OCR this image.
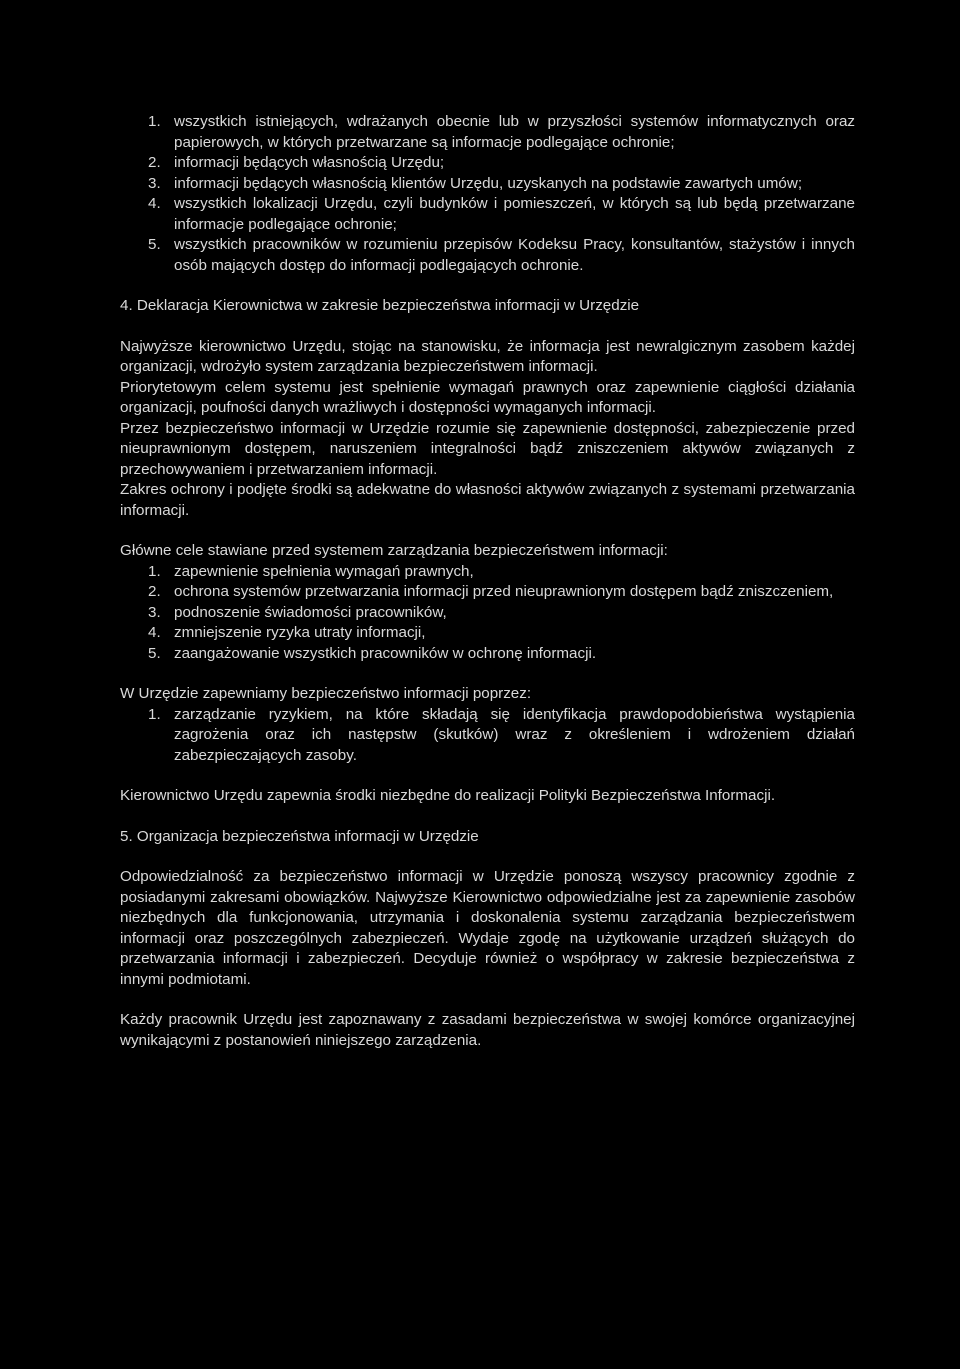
1. wszystkich istniejących, wdrażanych obecnie lub w przyszłości systemów informatycznych oraz papierowych, w których przetwarzane są informacje podlegające ochronie;
2. informacji będących własnością Urzędu;
3. informacji będących własnością klientów Urzędu, uzyskanych na podstawie zawartych umów;
4. wszystkich lokalizacji Urzędu, czyli budynków i pomieszczeń, w których są lub będą przetwarzane informacje podlegające ochronie;
5. wszystkich pracowników w rozumieniu przepisów Kodeksu Pracy, konsultantów, stażystów i innych osób mających dostęp do informacji podlegających ochronie.
4. Deklaracja Kierownictwa w zakresie bezpieczeństwa informacji w Urzędzie

Najwyższe kierownictwo Urzędu, stojąc na stanowisku, że informacja jest newralgicznym zasobem każdej organizacji, wdrożyło system zarządzania bezpieczeństwem informacji.

Priorytetowym celem systemu jest spełnienie wymagań prawnych oraz zapewnienie ciągłości działania organizacji, poufności danych wrażliwych i dostępności wymaganych informacji.

Przez bezpieczeństwo informacji w Urzędzie rozumie się zapewnienie dostępności, zabezpieczenie przed nieuprawnionym dostępem, naruszeniem integralności bądź zniszczeniem aktywów związanych z przechowywaniem i przetwarzaniem informacji.

Zakres ochrony i podjęte środki są adekwatne do własności aktywów związanych z systemami przetwarzania informacji.

Główne cele stawiane przed systemem zarządzania bezpieczeństwem informacji:

1. zapewnienie spełnienia wymagań prawnych,
2. ochrona systemów przetwarzania informacji przed nieuprawnionym dostępem bądź zniszczeniem,
3. podnoszenie świadomości pracowników,
4. zmniejszenie ryzyka utraty informacji,
5. zaangażowanie wszystkich pracowników w ochronę informacji.

W Urzędzie zapewniamy bezpieczeństwo informacji poprzez:

1. zarządzanie ryzykiem, na które składają się identyfikacja prawdopodobieństwa wystąpienia zagrożenia oraz ich następstw (skutków) wraz z określeniem i wdrożeniem działań zabezpieczających zasoby.

Kierownictwo Urzędu zapewnia środki niezbędne do realizacji Polityki Bezpieczeństwa Informacji.

5. Organizacja bezpieczeństwa informacji w Urzędzie

Odpowiedzialność za bezpieczeństwo informacji w Urzędzie ponoszą wszyscy pracownicy zgodnie z posiadanymi zakresami obowiązków. Najwyższe Kierownictwo odpowiedzialne jest za zapewnienie zasobów niezbędnych dla funkcjonowania, utrzymania i doskonalenia systemu zarządzania bezpieczeństwem informacji oraz poszczególnych zabezpieczeń. Wydaje zgodę na użytkowanie urządzeń służących do przetwarzania informacji i zabezpieczeń. Decyduje również o współpracy w zakresie bezpieczeństwa z innymi podmiotami.

Każdy pracownik Urzędu jest zapoznawany z zasadami bezpieczeństwa w swojej komórce organizacyjnej wynikającymi z postanowień niniejszego zarządzenia.
